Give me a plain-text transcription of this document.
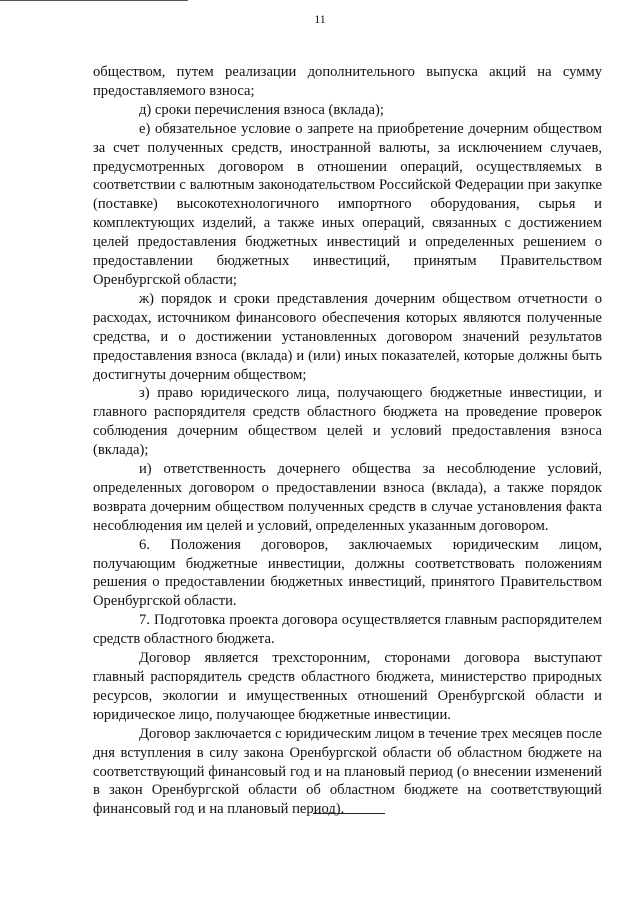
11

обществом, путем реализации дополнительного выпуска акций на сумму предоставляемого взноса;

д) сроки перечисления взноса (вклада);

е) обязательное условие о запрете на приобретение дочерним обществом за счет полученных средств, иностранной валюты, за исключением случаев, предусмотренных договором в отношении операций, осуществляемых в соответствии с валютным законодательством Российской Федерации при закупке (поставке) высокотехнологичного импортного оборудования, сырья и комплектующих изделий, а также иных операций, связанных с достижением целей предоставления бюджетных инвестиций и определенных решением о предоставлении бюджетных инвестиций, принятым Правительством Оренбургской области;

ж) порядок и сроки представления дочерним обществом отчетности о расходах, источником финансового обеспечения которых являются полученные средства, и о достижении установленных договором значений результатов предоставления взноса (вклада) и (или) иных показателей, которые должны быть достигнуты дочерним обществом;

з) право юридического лица, получающего бюджетные инвестиции, и главного распорядителя средств областного бюджета на проведение проверок соблюдения дочерним обществом целей и условий предоставления взноса (вклада);

и) ответственность дочернего общества за несоблюдение условий, определенных договором о предоставлении взноса (вклада), а также порядок возврата дочерним обществом полученных средств в случае установления факта несоблюдения им целей и условий, определенных указанным договором.

6. Положения договоров, заключаемых юридическим лицом, получающим бюджетные инвестиции, должны соответствовать положениям решения о предоставлении бюджетных инвестиций, принятого Правительством Оренбургской области.

7. Подготовка проекта договора осуществляется главным распорядителем средств областного бюджета.

Договор является трехсторонним, сторонами договора выступают главный распорядитель средств областного бюджета, министерство природных ресурсов, экологии и имущественных отношений Оренбургской области и юридическое лицо, получающее бюджетные инвестиции.

Договор заключается с юридическим лицом в течение трех месяцев после дня вступления в силу закона Оренбургской области об областном бюджете на соответствующий финансовый год и на плановый период (о внесении изменений в закон Оренбургской области об областном бюджете на соответствующий финансовый год и на плановый период).
